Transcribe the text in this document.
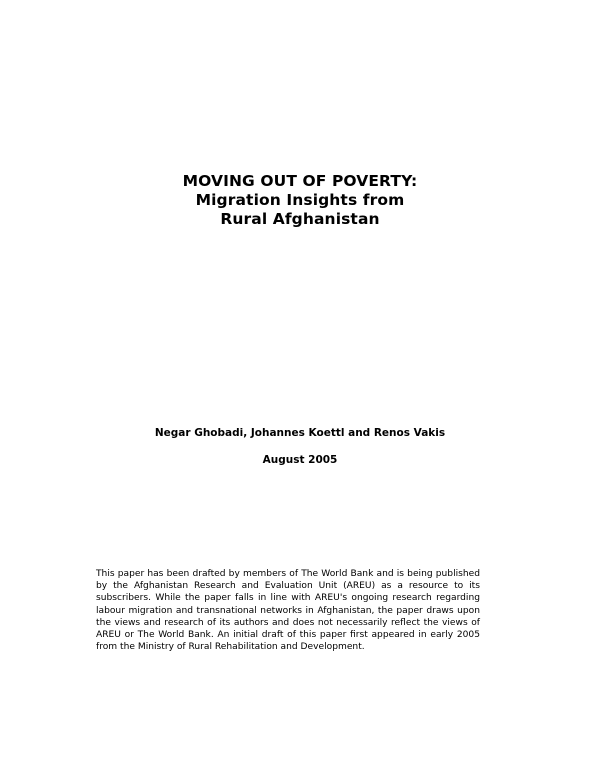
MOVING OUT OF POVERTY:
Migration Insights from
Rural Afghanistan
Negar Ghobadi, Johannes Koettl and Renos Vakis
August 2005
This paper has been drafted by members of The World Bank and is being published
by the Afghanistan Research and Evaluation Unit (AREU) as a resource to its
subscribers. While the paper falls in line with AREU's ongoing research regarding
labour migration and transnational networks in Afghanistan, the paper draws upon
the views and research of its authors and does not necessarily reflect the views of
AREU or The World Bank. An initial draft of this paper first appeared in early 2005
from the Ministry of Rural Rehabilitation and Development.
